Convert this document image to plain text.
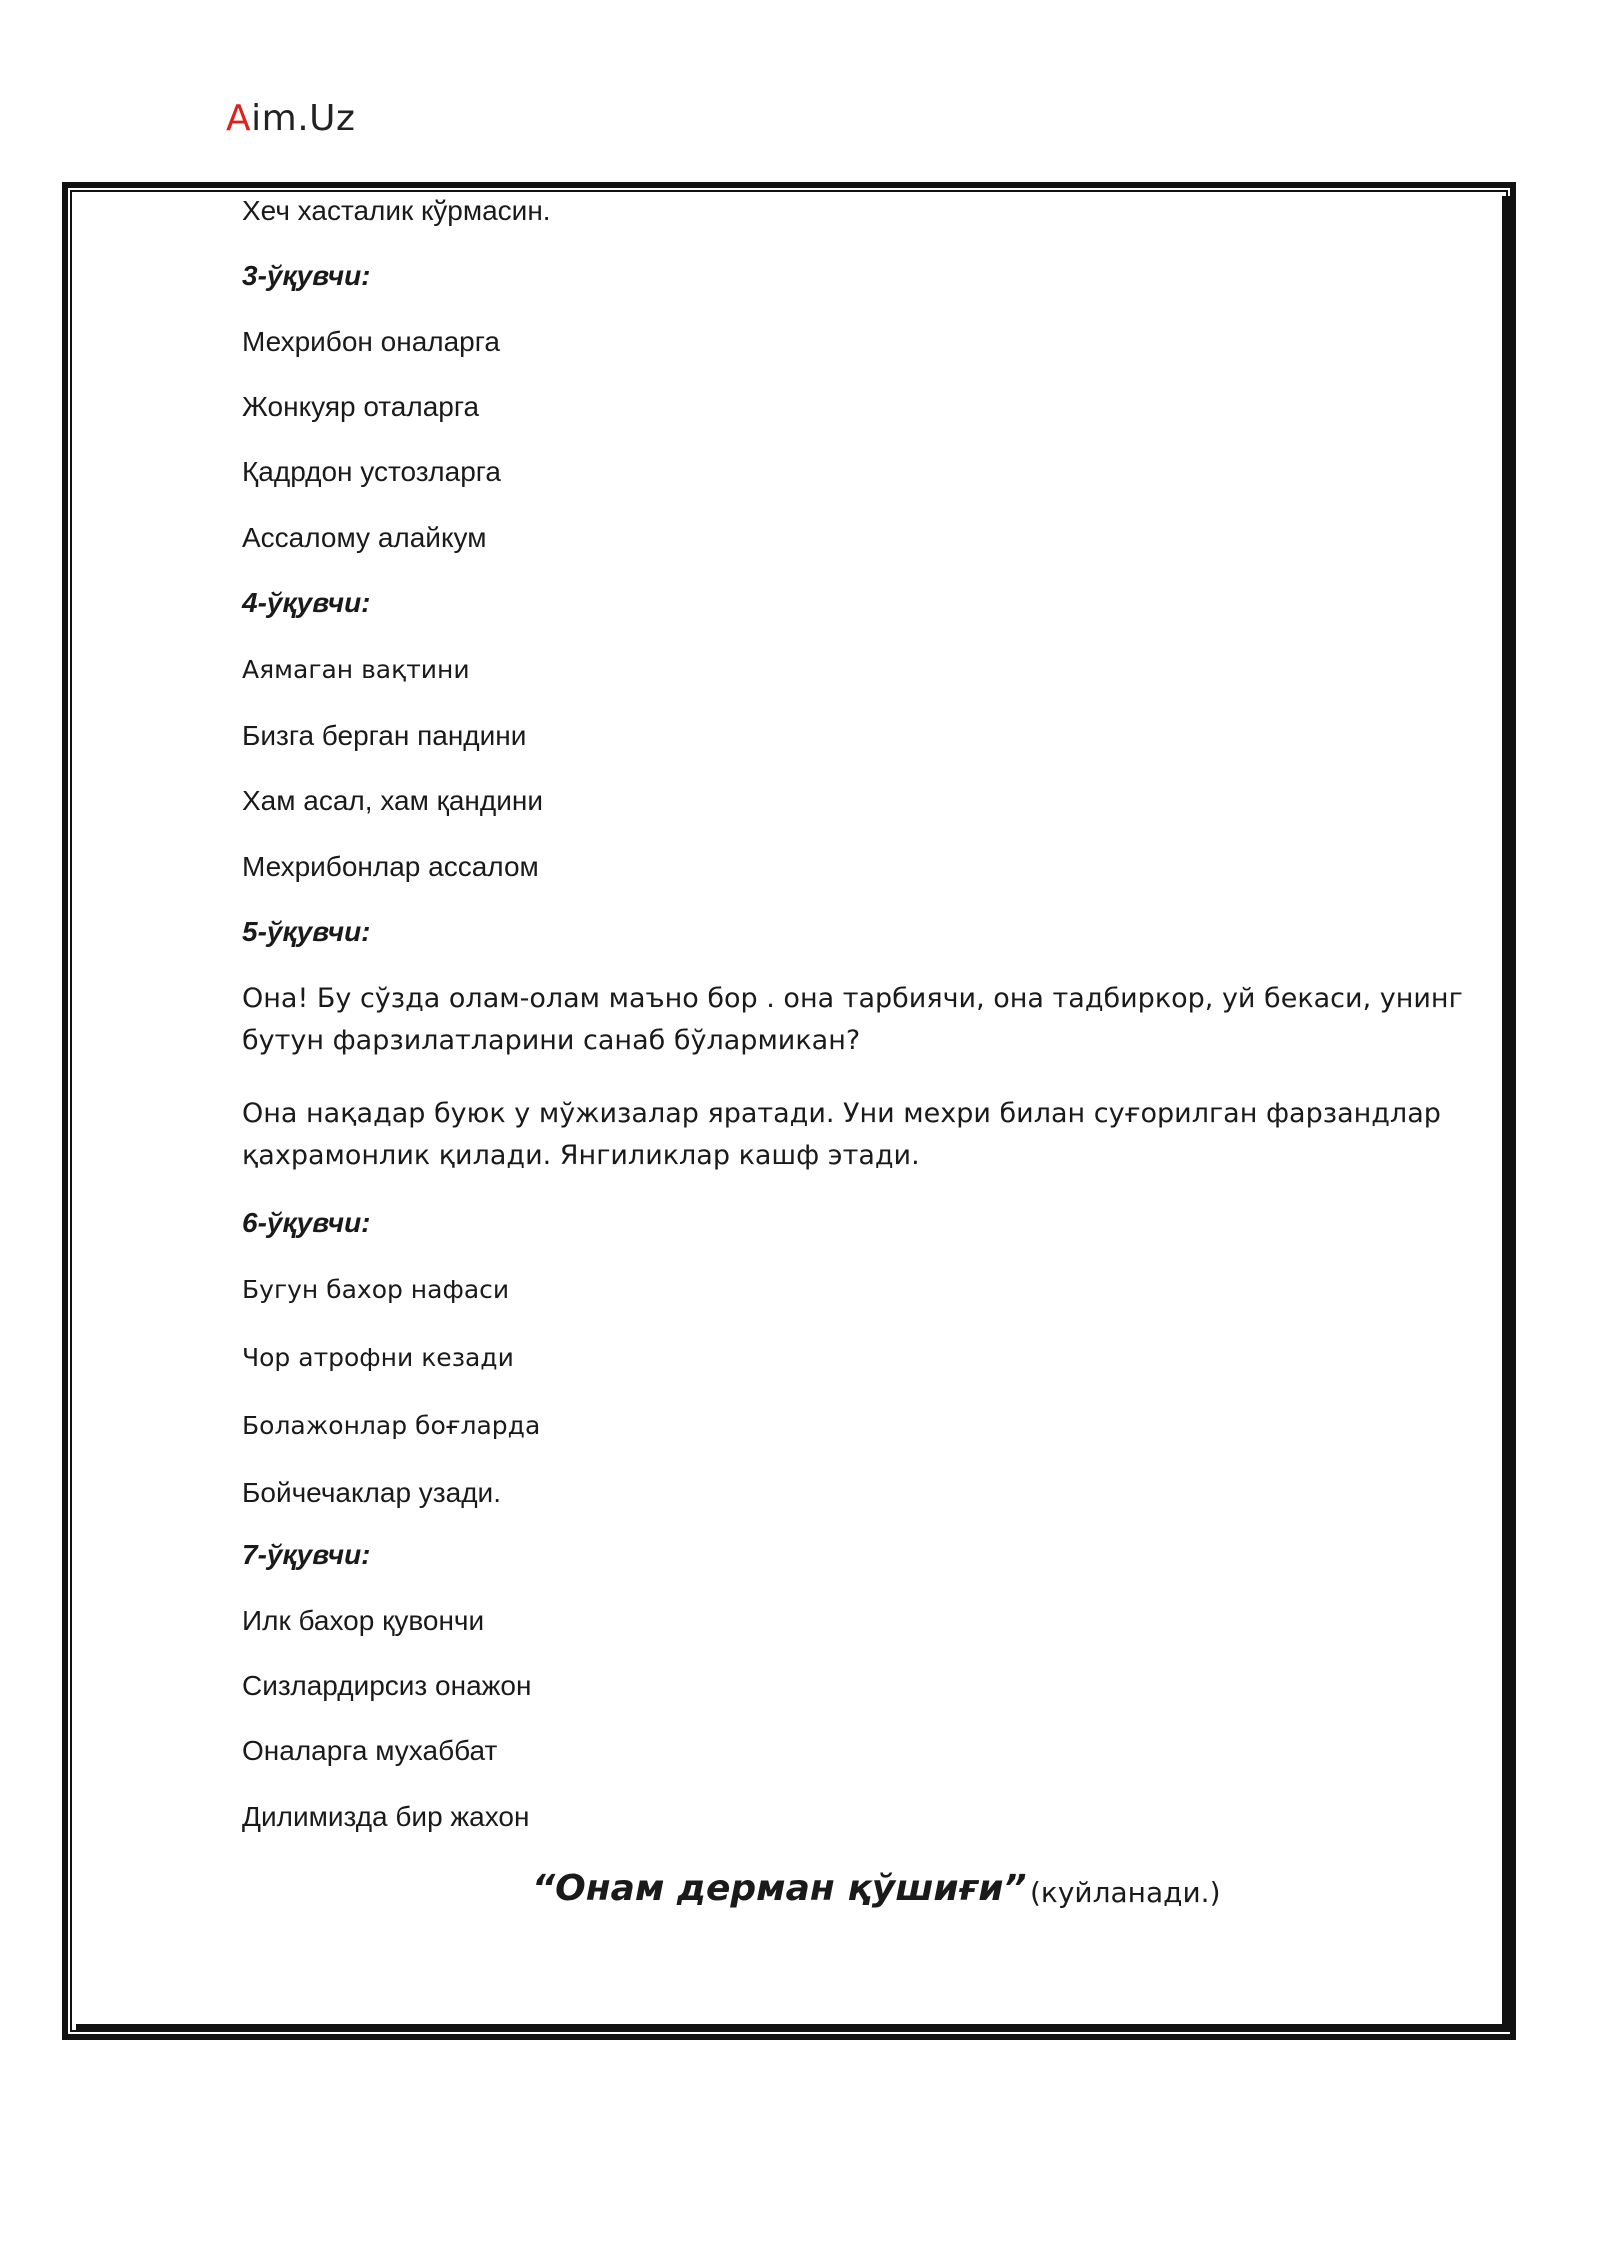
Aim.Uz
Хеч хасталик кўрмасин.
3-ўқувчи:
Мехрибон оналарга
Жонкуяр оталарга
Қадрдон устозларга
Ассалому алайкум
4-ўқувчи:
Аямаган вақтини
Бизга берган пандини
Хам асал, хам қандини
Мехрибонлар ассалом
5-ўқувчи:
Она! Бу сўзда олам-олам маъно бор . она тарбиячи, она тадбиркор, уй бекаси, унинг бутун фарзилатларини санаб бўлармикан?
Она нақадар буюк у мўжизалар яратади. Уни мехри билан суғорилган фарзандлар қахрамонлик қилади. Янгиликлар кашф этади.
6-ўқувчи:
Бугун бахор нафаси
Чор атрофни кезади
Болажонлар боғларда
Бойчечаклар узади.
7-ўқувчи:
Илк бахор қувончи
Сизлардирсиз онажон
Оналарга мухаббат
Дилимизда бир жахон
“Онам дерман қўшиғи” (куйланади.)
